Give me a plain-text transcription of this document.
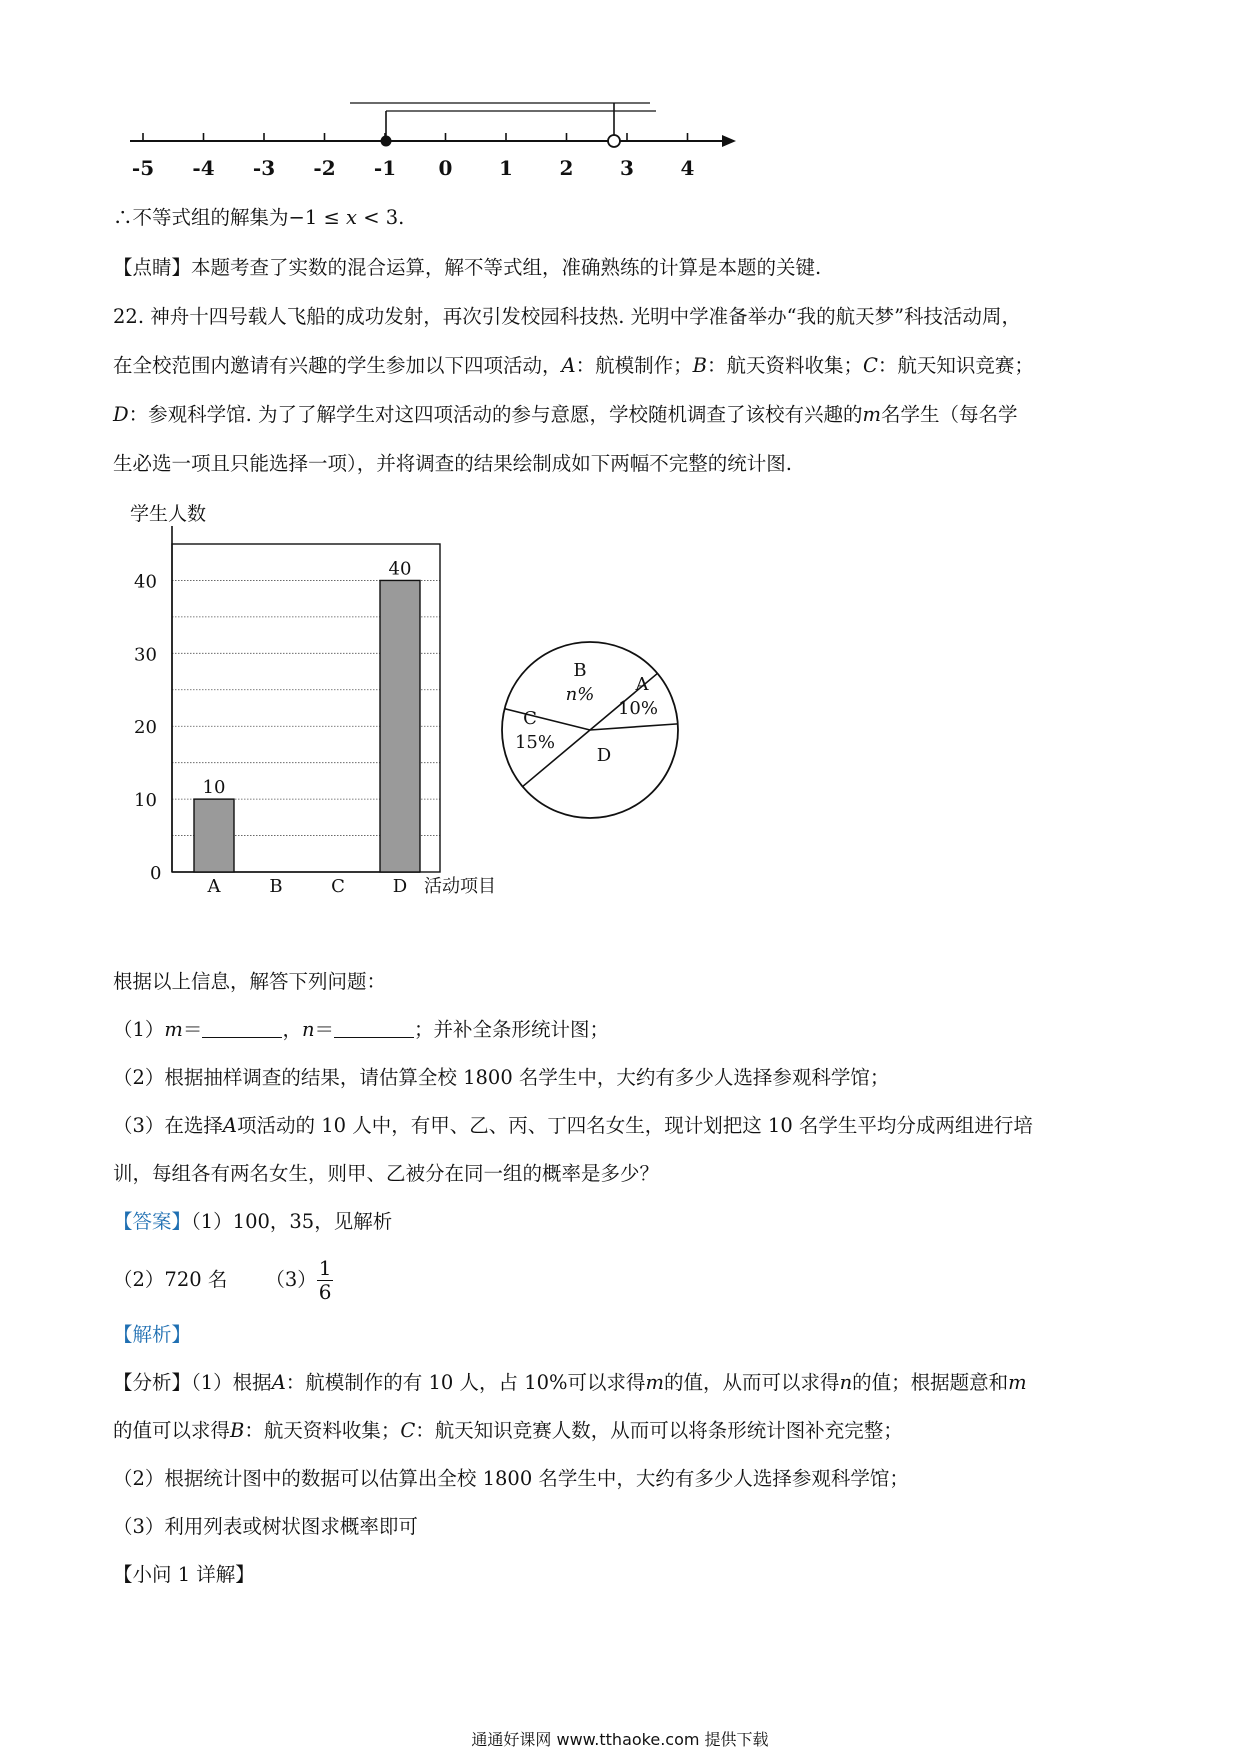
-5 -4 -3 -2 -1 0 1 2 3 4
∴不等式组的解集为−1 ≤ x < 3.
【点睛】本题考查了实数的混合运算，解不等式组，准确熟练的计算是本题的关键.
22. 神舟十四号载人飞船的成功发射，再次引发校园科技热. 光明中学准备举办“我的航天梦”科技活动周，
在全校范围内邀请有兴趣的学生参加以下四项活动，A：航模制作；B：航天资料收集；C：航天知识竞赛；
D：参观科学馆. 为了了解学生对这四项活动的参与意愿，学校随机调查了该校有兴趣的m名学生（每名学
生必选一项且只能选择一项），并将调查的结果绘制成如下两幅不完整的统计图.
0
10
20
30
40
A	B	C	D
10
40
学生人数
活动项目
B
n% A
10%
C
15%
D
根据以上信息，解答下列问题：
（1）m＝	，n＝	；并补全条形统计图；
（2）根据抽样调查的结果，请估算全校 1800 名学生中，大约有多少人选择参观科学馆；
（3）在选择A项活动的 10 人中，有甲、乙、丙、丁四名女生，现计划把这 10 名学生平均分成两组进行培
训，每组各有两名女生，则甲、乙被分在同一组的概率是多少？
【答案】（1）100，35，见解析
（2）720 名 $(3) \frac{1}{6}$
【解析】
【分析】（1）根据A：航模制作的有 10 人，占 10%可以求得m的值，从而可以求得n的值；根据题意和m
的值可以求得B：航天资料收集；C：航天知识竞赛人数，从而可以将条形统计图补充完整；
（2）根据统计图中的数据可以估算出全校 1800 名学生中，大约有多少人选择参观科学馆；
（3）利用列表或树状图求概率即可
【小问 1 详解】
通通好课网 www.tthaoke.com 提供下载
